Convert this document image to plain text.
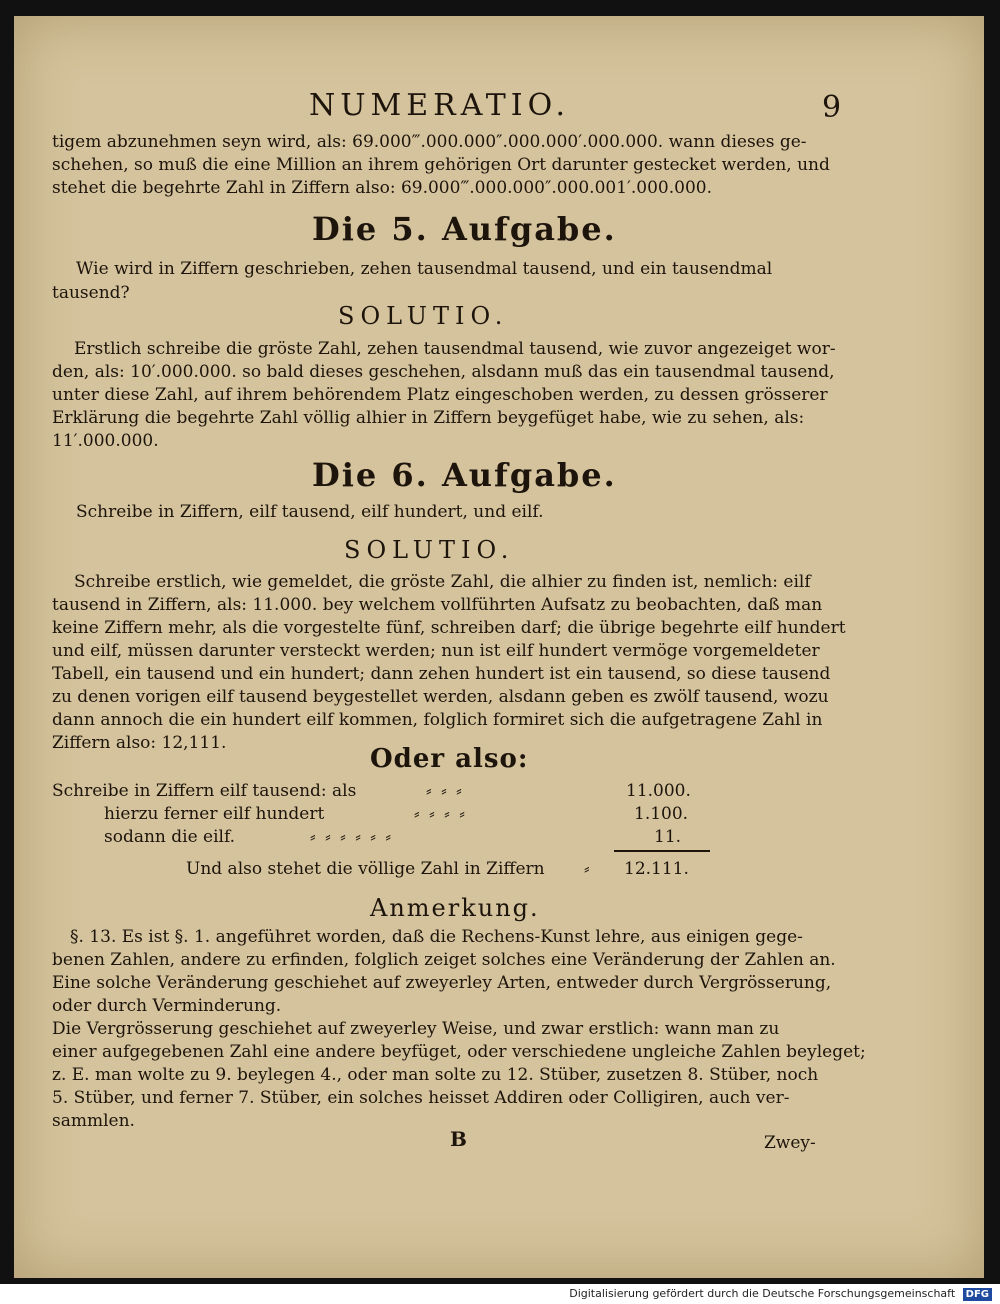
NUMERATIO.	9
tigem abzunehmen seyn wird, als: 69.000‴.000.000″.000.000′.000.000. wann dieses ge-
schehen, so muß die eine Million an ihrem gehörigen Ort darunter gestecket werden, und
stehet die begehrte Zahl in Ziffern also: 69.000‴.000.000″.000.001′.000.000.
Die 5. Aufgabe.
Wie wird in Ziffern geschrieben, zehen tausendmal tausend, und ein tausendmal
tausend?
SOLUTIO.
Erstlich schreibe die gröste Zahl, zehen tausendmal tausend, wie zuvor angezeiget wor-
den, als: 10′.000.000. so bald dieses geschehen, alsdann muß das ein tausendmal tausend,
unter diese Zahl, auf ihrem behörendem Platz eingeschoben werden, zu dessen grösserer
Erklärung die begehrte Zahl völlig alhier in Ziffern beygefüget habe, wie zu sehen, als:
11′.000.000.
Die 6. Aufgabe.
Schreibe in Ziffern, eilf tausend, eilf hundert, und eilf.
SOLUTIO.
Schreibe erstlich, wie gemeldet, die gröste Zahl, die alhier zu finden ist, nemlich: eilf
tausend in Ziffern, als: 11.000. bey welchem vollführten Aufsatz zu beobachten, daß man
keine Ziffern mehr, als die vorgestelte fünf, schreiben darf; die übrige begehrte eilf hundert
und eilf, müssen darunter versteckt werden; nun ist eilf hundert vermöge vorgemeldeter
Tabell, ein tausend und ein hundert; dann zehen hundert ist ein tausend, so diese tausend
zu denen vorigen eilf tausend beygestellet werden, alsdann geben es zwölf tausend, wozu
dann annoch die ein hundert eilf kommen, folglich formiret sich die aufgetragene Zahl in
Ziffern also: 12,111.
Oder also:
Schreibe in Ziffern eilf tausend: als	⸗ ⸗ ⸗	11.000.
hierzu ferner eilf hundert	⸗ ⸗ ⸗ ⸗	1.100.
sodann die eilf.	⸗ ⸗ ⸗ ⸗ ⸗ ⸗	11.
Und also stehet die völlige Zahl in Ziffern ⸗ 12.111.
Anmerkung.
§. 13. Es ist §. 1. angeführet worden, daß die Rechens-Kunst lehre, aus einigen gege-
benen Zahlen, andere zu erfinden, folglich zeiget solches eine Veränderung der Zahlen an.
Eine solche Veränderung geschiehet auf zweyerley Arten, entweder durch Vergrösserung,
oder durch Verminderung.
Die Vergrösserung geschiehet auf zweyerley Weise, und zwar erstlich: wann man zu
einer aufgegebenen Zahl eine andere beyfüget, oder verschiedene ungleiche Zahlen beyleget;
z. E. man wolte zu 9. beylegen 4., oder man solte zu 12. Stüber, zusetzen 8. Stüber, noch
5. Stüber, und ferner 7. Stüber, ein solches heisset Addiren oder Colligiren, auch ver-
sammlen.
B	Zwey-
Digitalisierung gefördert durch die Deutsche Forschungsgemeinschaft DFG
